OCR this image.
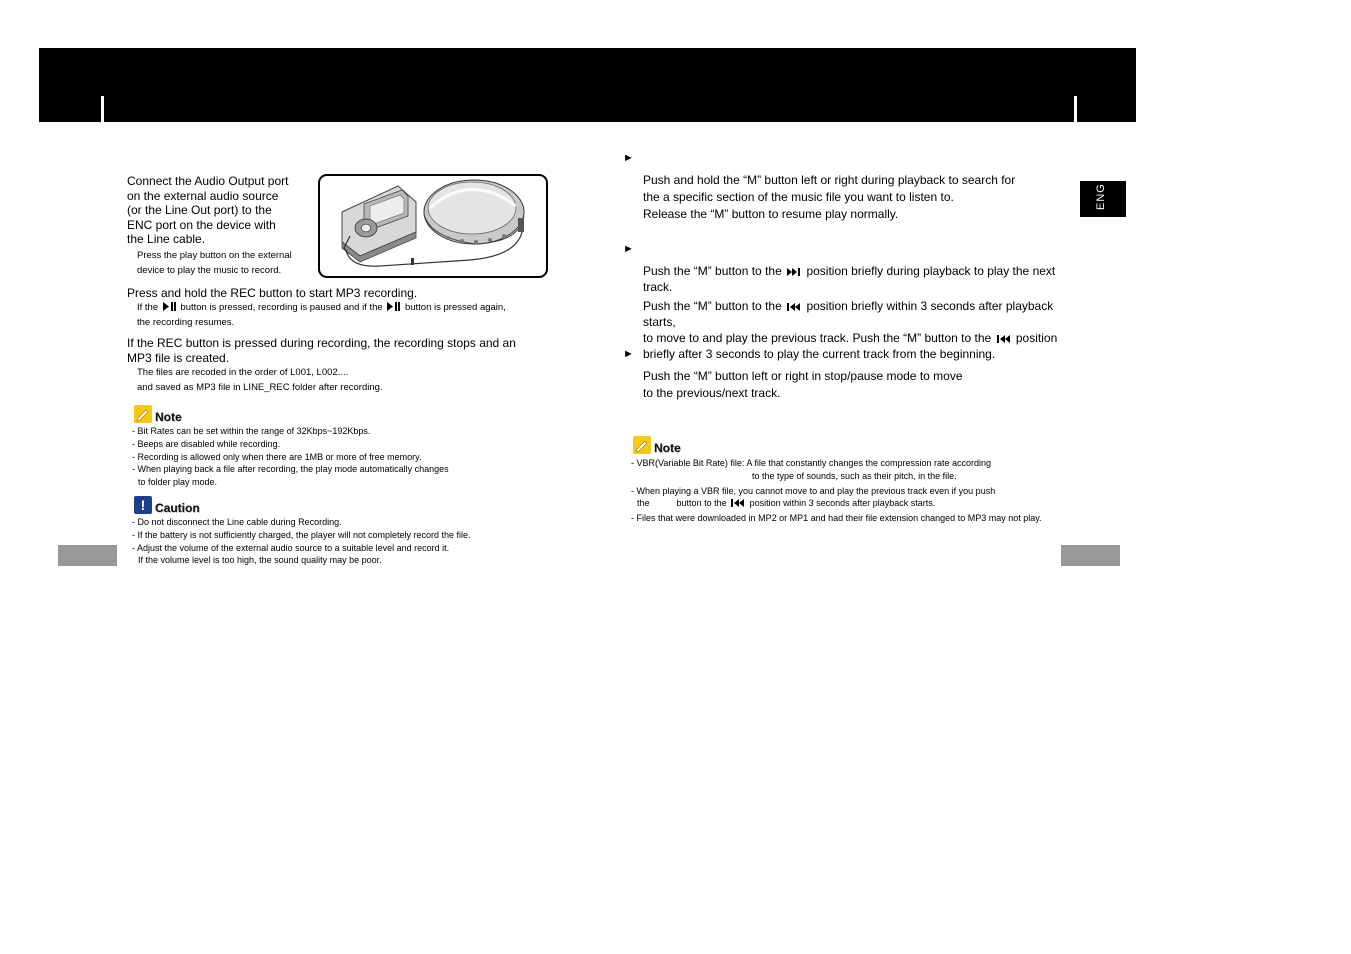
ENG
Connect the Audio Output port
on the external audio source
(or the Line Out port) to the
ENC port on the device with
the Line cable.
Press the play button on the external
device to play the music to record.
Press and hold the REC button to start MP3 recording.
If the button is pressed, recording is paused and if the button is pressed again,
the recording resumes.
If the REC button is pressed during recording, the recording stops and an
MP3 file is created.
The files are recoded in the order of L001, L002....
and saved as MP3 file in LINE_REC folder after recording.
Note
- Bit Rates can be set within the range of 32Kbps~192Kbps.
- Beeps are disabled while recording.
- Recording is allowed only when there are 1MB or more of free memory.
- When playing back a file after recording, the play mode automatically changes
to folder play mode.
! Caution
- Do not disconnect the Line cable during Recording.
- If the battery is not sufficiently charged, the player will not completely record the file.
- Adjust the volume of the external audio source to a suitable level and record it.
If the volume level is too high, the sound quality may be poor.
►
Push and hold the “M” button left or right during playback to search for
the a specific section of the music file you want to listen to.
Release the “M” button to resume play normally.
►
Push the “M” button to the position briefly during playback to play the next track.
Push the “M” button to the position briefly within 3 seconds after playback starts,
to move to and play the previous track. Push the “M” button to the position
briefly after 3 seconds to play the current track from the beginning.
►
Push the “M” button left or right in stop/pause mode to move
to the previous/next track.
Note
- VBR(Variable Bit Rate) file: A file that constantly changes the compression rate according
to the type of sounds, such as their pitch, in the file.
- When playing a VBR file, you cannot move to and play the previous track even if you push
the	button to the	position within 3 seconds after playback starts.
- Files that were downloaded in MP2 or MP1 and had their file extension changed to MP3 may not play.
